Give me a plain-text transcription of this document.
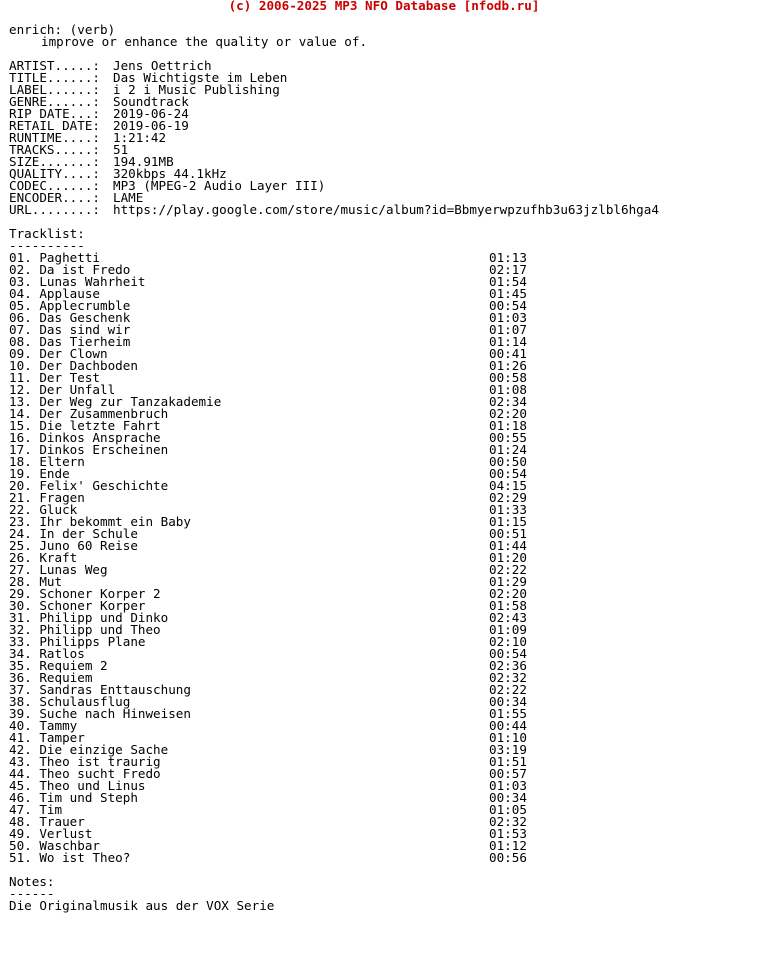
(c) 2006-2025 MP3 NFO Database [nfodb.ru]
enrich: (verb)
improve or enhance the quality or value of.
ARTIST.....: Jens Oettrich
TITLE......: Das Wichtigste im Leben
LABEL......: i 2 i Music Publishing
GENRE......: Soundtrack
RIP DATE...: 2019-06-24
RETAIL DATE: 2019-06-19
RUNTIME....: 1:21:42
TRACKS.....: 51
SIZE.......: 194.91MB
QUALITY....: 320kbps 44.1kHz
CODEC......: MP3 (MPEG-2 Audio Layer III)
ENCODER....: LAME
URL........: https://play.google.com/store/music/album?id=Bbmyerwpzufhb3u63jzlbl6hga4
Tracklist:
----------
01. Paghetti	01:13
02. Da ist Fredo	02:17
03. Lunas Wahrheit	01:54
04. Applause	01:45
05. Applecrumble	00:54
06. Das Geschenk	01:03
07. Das sind wir	01:07
08. Das Tierheim	01:14
09. Der Clown	00:41
10. Der Dachboden	01:26
11. Der Test	00:58
12. Der Unfall	01:08
13. Der Weg zur Tanzakademie	02:34
14. Der Zusammenbruch	02:20
15. Die letzte Fahrt	01:18
16. Dinkos Ansprache	00:55
17. Dinkos Erscheinen	01:24
18. Eltern	00:50
19. Ende	00:54
20. Felix' Geschichte	04:15
21. Fragen	02:29
22. Gluck	01:33
23. Ihr bekommt ein Baby	01:15
24. In der Schule	00:51
25. Juno 60 Reise	01:44
26. Kraft	01:20
27. Lunas Weg	02:22
28. Mut	01:29
29. Schoner Korper 2	02:20
30. Schoner Korper	01:58
31. Philipp und Dinko	02:43
32. Philipp und Theo	01:09
33. Philipps Plane	02:10
34. Ratlos	00:54
35. Requiem 2	02:36
36. Requiem	02:32
37. Sandras Enttauschung	02:22
38. Schulausflug	00:34
39. Suche nach Hinweisen	01:55
40. Tammy	00:44
41. Tamper	01:10
42. Die einzige Sache	03:19
43. Theo ist traurig	01:51
44. Theo sucht Fredo	00:57
45. Theo und Linus	01:03
46. Tim und Steph	00:34
47. Tim	01:05
48. Trauer	02:32
49. Verlust	01:53
50. Waschbar	01:12
51. Wo ist Theo?	00:56
Notes:
------
Die Originalmusik aus der VOX Serie
